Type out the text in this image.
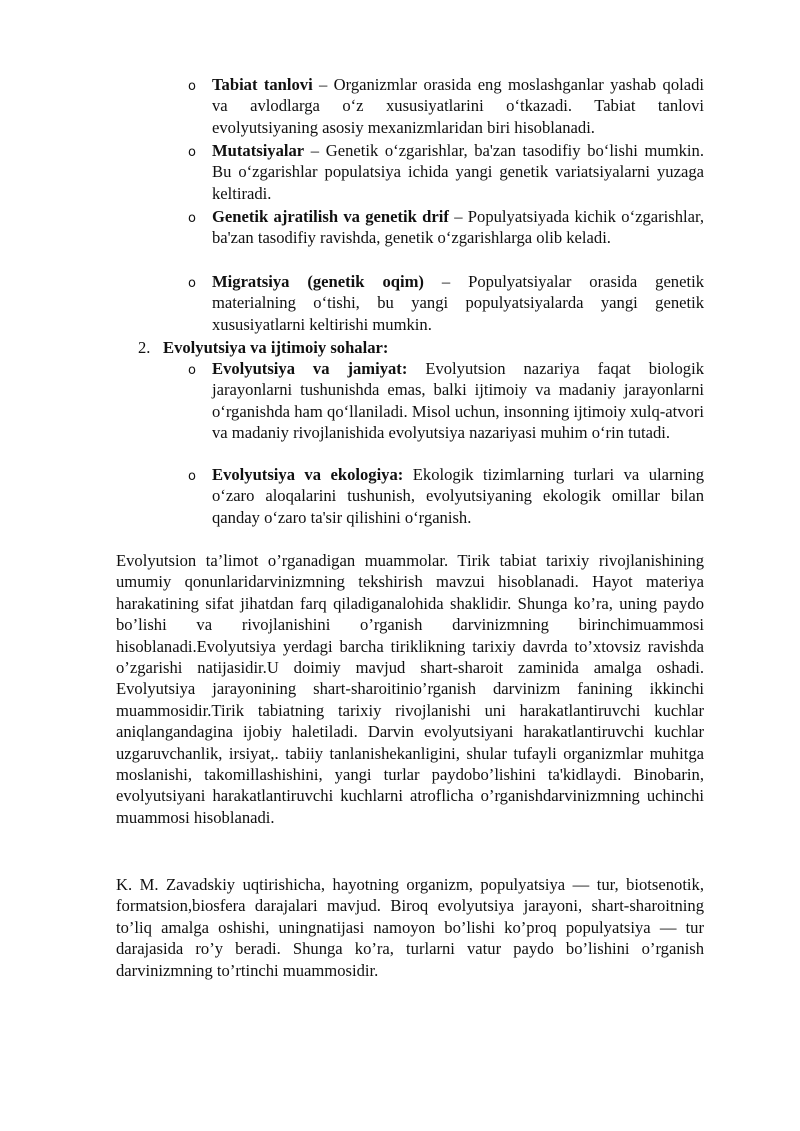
o Tabiat tanlovi – Organizmlar orasida eng moslashganlar yashab qoladi va avlodlarga o‘z xususiyatlarini o‘tkazadi. Tabiat tanlovi evolyutsiyaning asosiy mexanizmlaridan biri hisoblanadi.
o Mutatsiyalar – Genetik o‘zgarishlar, ba'zan tasodifiy bo‘lishi mumkin. Bu o‘zgarishlar populatsiya ichida yangi genetik variatsiyalarni yuzaga keltiradi.
o Genetik ajratilish va genetik drif – Populyatsiyada kichik o‘zgarishlar, ba'zan tasodifiy ravishda, genetik o‘zgarishlarga olib keladi.
o Migratsiya (genetik oqim) – Populyatsiyalar orasida genetik materialning o‘tishi, bu yangi populyatsiyalarda yangi genetik xususiyatlarni keltirishi mumkin.
2. Evolyutsiya va ijtimoiy sohalar:
o Evolyutsiya va jamiyat: Evolyutsion nazariya faqat biologik jarayonlarni tushunishda emas, balki ijtimoiy va madaniy jarayonlarni o‘rganishda ham qo‘llaniladi. Misol uchun, insonning ijtimoiy xulq-atvori va madaniy rivojlanishida evolyutsiya nazariyasi muhim o‘rin tutadi.
o Evolyutsiya va ekologiya: Ekologik tizimlarning turlari va ularning o‘zaro aloqalarini tushunish, evolyutsiyaning ekologik omillar bilan qanday o‘zaro ta'sir qilishini o‘rganish.
Evolyutsion ta’limot o’rganadigan muammolar. Tirik tabiat tarixiy rivojlanishining umumiy qonunlaridarvinizmning tekshirish mavzui hisoblanadi. Hayot materiya harakatining sifat jihatdan farq qiladiganalohida shaklidir. Shunga ko’ra, uning paydo bo’lishi va rivojlanishini o’rganish darvinizmning birinchimuammosi hisoblanadi.Evolyutsiya yerdagi barcha tiriklikning tarixiy davrda to’xtovsiz ravishda o’zgarishi natijasidir.U doimiy mavjud shart-sharoit zaminida amalga oshadi. Evolyutsiya jarayonining shart-sharoitinio’rganish darvinizm fanining ikkinchi muammosidir.Tirik tabiatning tarixiy rivojlanishi uni harakatlantiruvchi kuchlar aniqlangandagina ijobiy haletiladi. Darvin evolyutsiyani harakatlantiruvchi kuchlar uzgaruvchanlik, irsiyat,. tabiiy tanlanishekanligini, shular tufayli organizmlar muhitga moslanishi, takomillashishini, yangi turlar paydobo’lishini ta'kidlaydi. Binobarin, evolyutsiyani harakatlantiruvchi kuchlarni atroflicha o’rganishdarvinizmning uchinchi muammosi hisoblanadi.
K. M. Zavadskiy uqtirishicha, hayotning organizm, populyatsiya — tur, biotsenotik, formatsion,biosfera darajalari mavjud. Biroq evolyutsiya jarayoni, shart-sharoitning to’liq amalga oshishi, uningnatijasi namoyon bo’lishi ko’proq populyatsiya — tur darajasida ro’y beradi. Shunga ko’ra, turlarni vatur paydo bo’lishini o’rganish darvinizmning to’rtinchi muammosidir.
